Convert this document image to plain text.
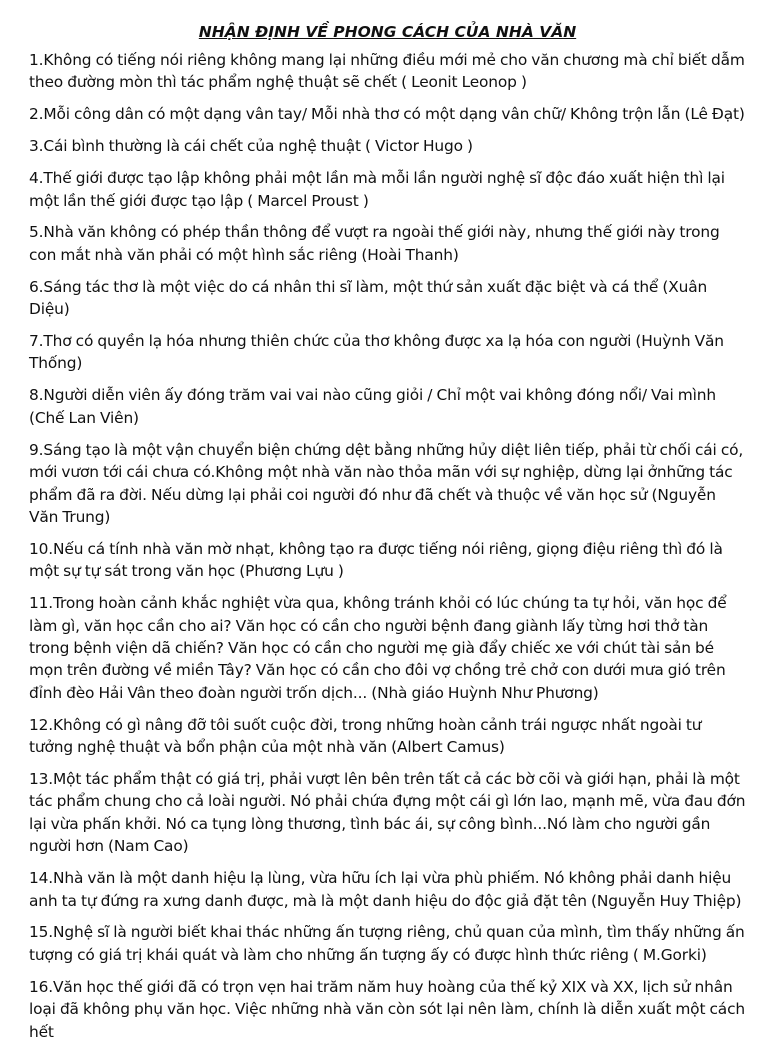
NHẬN ĐỊNH VỀ PHONG CÁCH CỦA NHÀ VĂN

1.Không có tiếng nói riêng không mang lại những điều mới mẻ cho văn chương mà chỉ biết dẫm theo đường mòn thì tác phẩm nghệ thuật sẽ chết ( Leonit Leonop )

2.Mỗi công dân có một dạng vân tay/ Mỗi nhà thơ có một dạng vân chữ/ Không trộn lẫn (Lê Đạt)

3.Cái bình thường là cái chết của nghệ thuật ( Victor Hugo )

4.Thế giới được tạo lập không phải một lần mà mỗi lần người nghệ sĩ độc đáo xuất hiện thì lại một lần thế giới được tạo lập ( Marcel Proust )

5.Nhà văn không có phép thần thông để vượt ra ngoài thế giới này, nhưng thế giới này trong con mắt nhà văn phải có một hình sắc riêng (Hoài Thanh)

6.Sáng tác thơ là một việc do cá nhân thi sĩ làm, một thứ sản xuất đặc biệt và cá thể (Xuân Diệu)

7.Thơ có quyền lạ hóa nhưng thiên chức của thơ không được xa lạ hóa con người (Huỳnh Văn Thống)

8.Người diễn viên ấy đóng trăm vai vai nào cũng giỏi / Chỉ một vai không đóng nổi/ Vai mình (Chế Lan Viên)

9.Sáng tạo là một vận chuyển biện chứng dệt bằng những hủy diệt liên tiếp, phải từ chối cái có, mới vươn tới cái chưa có.Không một nhà văn nào thỏa mãn với sự nghiệp, dừng lại ởnhững tác phẩm đã ra đời. Nếu dừng lại phải coi người đó như đã chết và thuộc về văn học sử (Nguyễn Văn Trung)

10.Nếu cá tính nhà văn mờ nhạt, không tạo ra được tiếng nói riêng, giọng điệu riêng thì đó là một sự tự sát trong văn học (Phương Lựu )

11.Trong hoàn cảnh khắc nghiệt vừa qua, không tránh khỏi có lúc chúng ta tự hỏi, văn học để làm gì, văn học cần cho ai? Văn học có cần cho người bệnh đang giành lấy từng hơi thở tàn trong bệnh viện dã chiến? Văn học có cần cho người mẹ già đẩy chiếc xe với chút tài sản bé mọn trên đường về miền Tây? Văn học có cần cho đôi vợ chồng trẻ chở con dưới mưa gió trên đỉnh đèo Hải Vân theo đoàn người trốn dịch... (Nhà giáo Huỳnh Như Phương)

12.Không có gì nâng đỡ tôi suốt cuộc đời, trong những hoàn cảnh trái ngược nhất ngoài tư tưởng nghệ thuật và bổn phận của một nhà văn (Albert Camus)

13.Một tác phẩm thật có giá trị, phải vượt lên bên trên tất cả các bờ cõi và giới hạn, phải là một tác phẩm chung cho cả loài người. Nó phải chứa đựng một cái gì lớn lao, mạnh mẽ, vừa đau đớn lại vừa phấn khởi. Nó ca tụng lòng thương, tình bác ái, sự công bình...Nó làm cho người gần người hơn (Nam Cao)

14.Nhà văn là một danh hiệu lạ lùng, vừa hữu ích lại vừa phù phiếm. Nó không phải danh hiệu anh ta tự đứng ra xưng danh được, mà là một danh hiệu do độc giả đặt tên (Nguyễn Huy Thiệp)

15.Nghệ sĩ là người biết khai thác những ấn tượng riêng, chủ quan của mình, tìm thấy những ấn tượng có giá trị khái quát và làm cho những ấn tượng ấy có được hình thức riêng ( M.Gorki)

16.Văn học thế giới đã có trọn vẹn hai trăm năm huy hoàng của thế kỷ XIX và XX, lịch sử nhân loại đã không phụ văn học. Việc những nhà văn còn sót lại nên làm, chính là diễn xuất một cách hết
